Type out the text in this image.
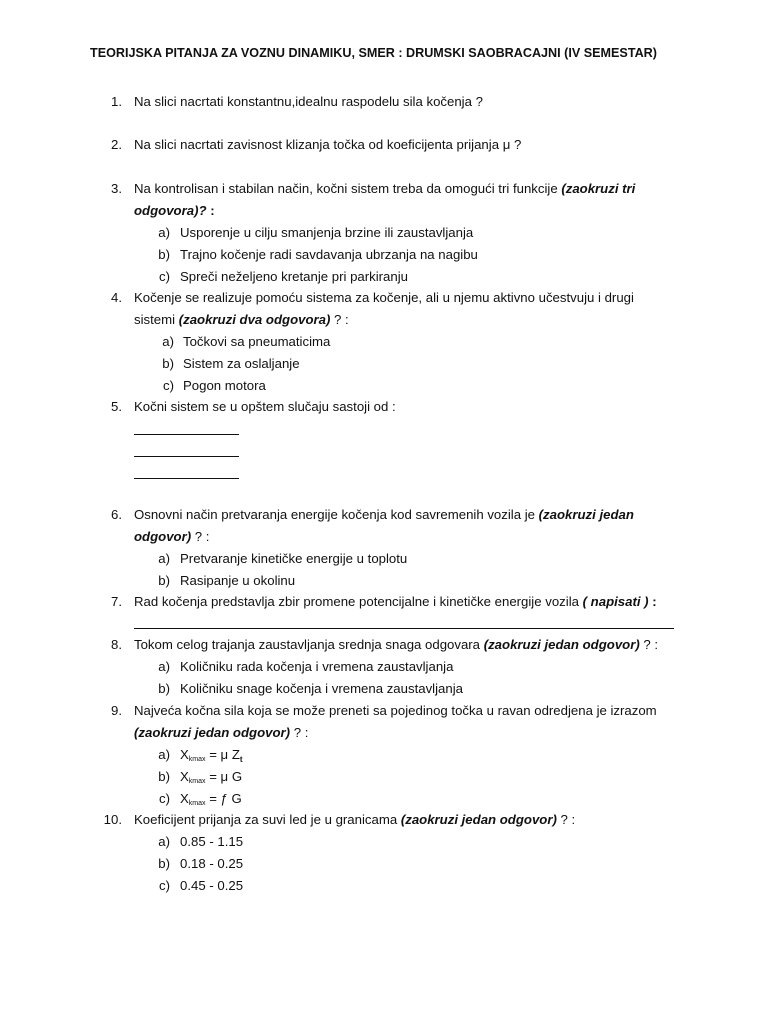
TEORIJSKA PITANJA ZA VOZNU DINAMIKU, SMER : DRUMSKI SAOBRACAJNI (IV SEMESTAR)
1. Na slici nacrtati konstantnu,idealnu raspodelu sila kočenja ?
2. Na slici nacrtati zavisnost klizanja točka od koeficijenta prijanja μ ?
3. Na kontrolisan i stabilan način, kočni sistem treba da omogući tri funkcije (zaokruzi tri
odgovora)? :
a) Usporenje u cilju smanjenja brzine ili zaustavljanja
b) Trajno kočenje radi savdavanja ubrzanja na nagibu
c) Spreči neželjeno kretanje pri parkiranju
4. Kočenje se realizuje pomoću sistema za kočenje, ali u njemu aktivno učestvuju i drugi
sistemi (zaokruzi dva odgovora) ? :
a) Točkovi sa pneumaticima
b) Sistem za oslaljanje
c) Pogon motora
5. Kočni sistem se u opštem slučaju sastoji od :
6. Osnovni način pretvaranja energije kočenja kod savremenih vozila je (zaokruzi jedan
odgovor) ? :
a) Pretvaranje kinetičke energije u toplotu
b) Rasipanje u okolinu
7. Rad kočenja predstavlja zbir promene potencijalne i kinetičke energije vozila ( napisati ) :
8. Tokom celog trajanja zaustavljanja srednja snaga odgovara (zaokruzi jedan odgovor) ? :
a) Količniku rada kočenja i vremena zaustavljanja
b) Količniku snage kočenja i vremena zaustavljanja
9. Najveća kočna sila koja se može preneti sa pojedinog točka u ravan odredjena je izrazom
(zaokruzi jedan odgovor) ? :
a) $X_{kmax} = \mu$ $Z_t$
b) $X_{kmax} = \mu$ G
c) $X_{kmax}$ = ƒ G
10. Koeficijent prijanja za suvi led je u granicama (zaokruzi jedan odgovor) ? :
a) 0.85 - 1.15
b) 0.18 - 0.25
c) 0.45 - 0.25
